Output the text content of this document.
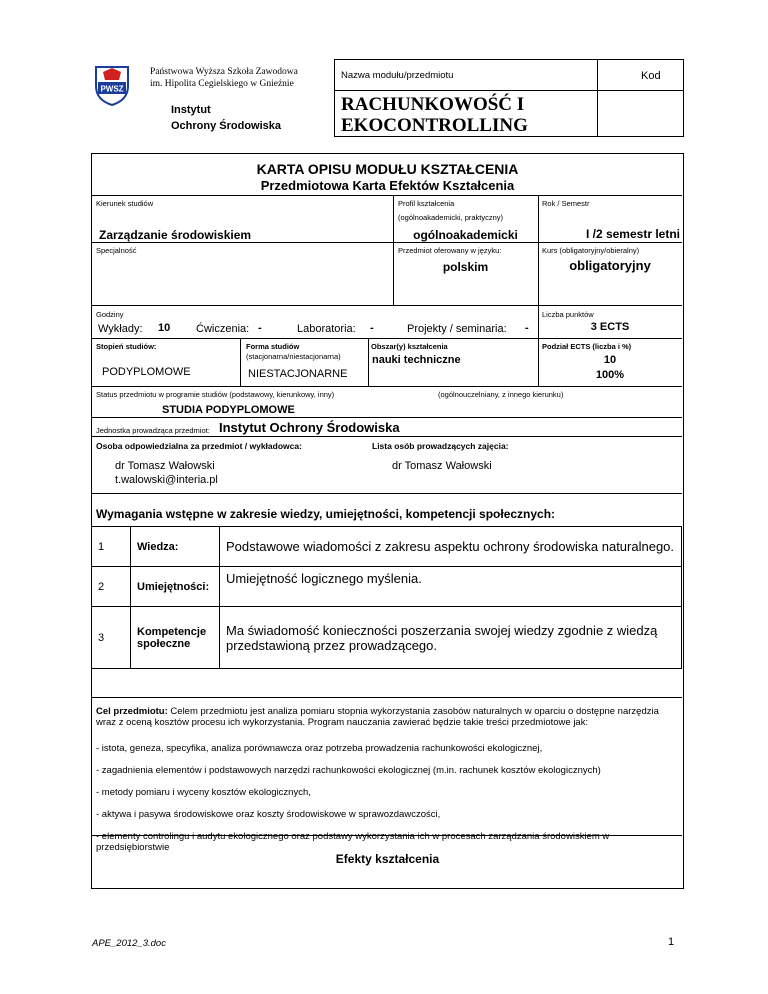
PWSZ
Państwowa Wyższa Szkoła Zawodowa
im. Hipolita Cegielskiego w Gnieźnie
Instytut
Ochrony Środowiska
Nazwa modułu/przedmiotu	Kod
RACHUNKOWOŚĆ I
EKOCONTROLLING
KARTA OPISU MODUŁU KSZTAŁCENIA
Przedmiotowa Karta Efektów Kształcenia
Kierunek studiów
Zarządzanie środowiskiem
Profil kształcenia
(ogólnoakademicki, praktyczny)
ogólnoakademicki
Rok / Semestr
I /2 semestr letni
Specjalność	Przedmiot oferowany w języku:
polskim
Kurs (obligatoryjny/obieralny)
obligatoryjny
Godziny
Wykłady: 10 Ćwiczenia: -	Laboratoria: -	Projekty / seminaria: -
Liczba punktów
3 ECTS
Stopień studiów:
PODYPLOMOWE
Forma studiów
(stacjonarna/niestacjonarna)
NIESTACJONARNE
Obszar(y) kształcenia
nauki techniczne
Podział ECTS (liczba i %)
10
100%
Status przedmiotu w programie studiów (podstawowy, kierunkowy, inny)	(ogólnouczelniany, z innego kierunku)
STUDIA PODYPLOMOWE
Jednostka prowadząca przedmiot: Instytut Ochrony Środowiska
Osoba odpowiedzialna za przedmiot / wykładowca:
dr Tomasz Wałowski
t.walowski@interia.pl
Lista osób prowadzących zajęcia:
dr Tomasz Wałowski
Wymagania wstępne w zakresie wiedzy, umiejętności, kompetencji społecznych:
1	Wiedza:	Podstawowe wiadomości z zakresu aspektu ochrony środowiska naturalnego.
2	Umiejętności:	Umiejętność logicznego myślenia.
3	Kompetencje społeczne	Ma świadomość konieczności poszerzania swojej wiedzy zgodnie z wiedzą przedstawioną przez prowadzącego.
Cel przedmiotu: Celem przedmiotu jest analiza pomiaru stopnia wykorzystania zasobów naturalnych w oparciu o dostępne narzędzia wraz z oceną kosztów procesu ich wykorzystania. Program nauczania zawierać będzie takie treści przedmiotowe jak:
- istota, geneza, specyfika, analiza porównawcza oraz potrzeba prowadzenia rachunkowości ekologicznej,
- zagadnienia elementów i podstawowych narzędzi rachunkowości ekologicznej (m.in. rachunek kosztów ekologicznych)
- metody pomiaru i wyceny kosztów ekologicznych,
- aktywa i pasywa środowiskowe oraz koszty środowiskowe w sprawozdawczości,
- elementy controlingu i audytu ekologicznego oraz podstawy wykorzystania ich w procesach zarządzania środowiskiem w przedsiębiorstwie
Efekty kształcenia
APE_2012_3.doc	1
